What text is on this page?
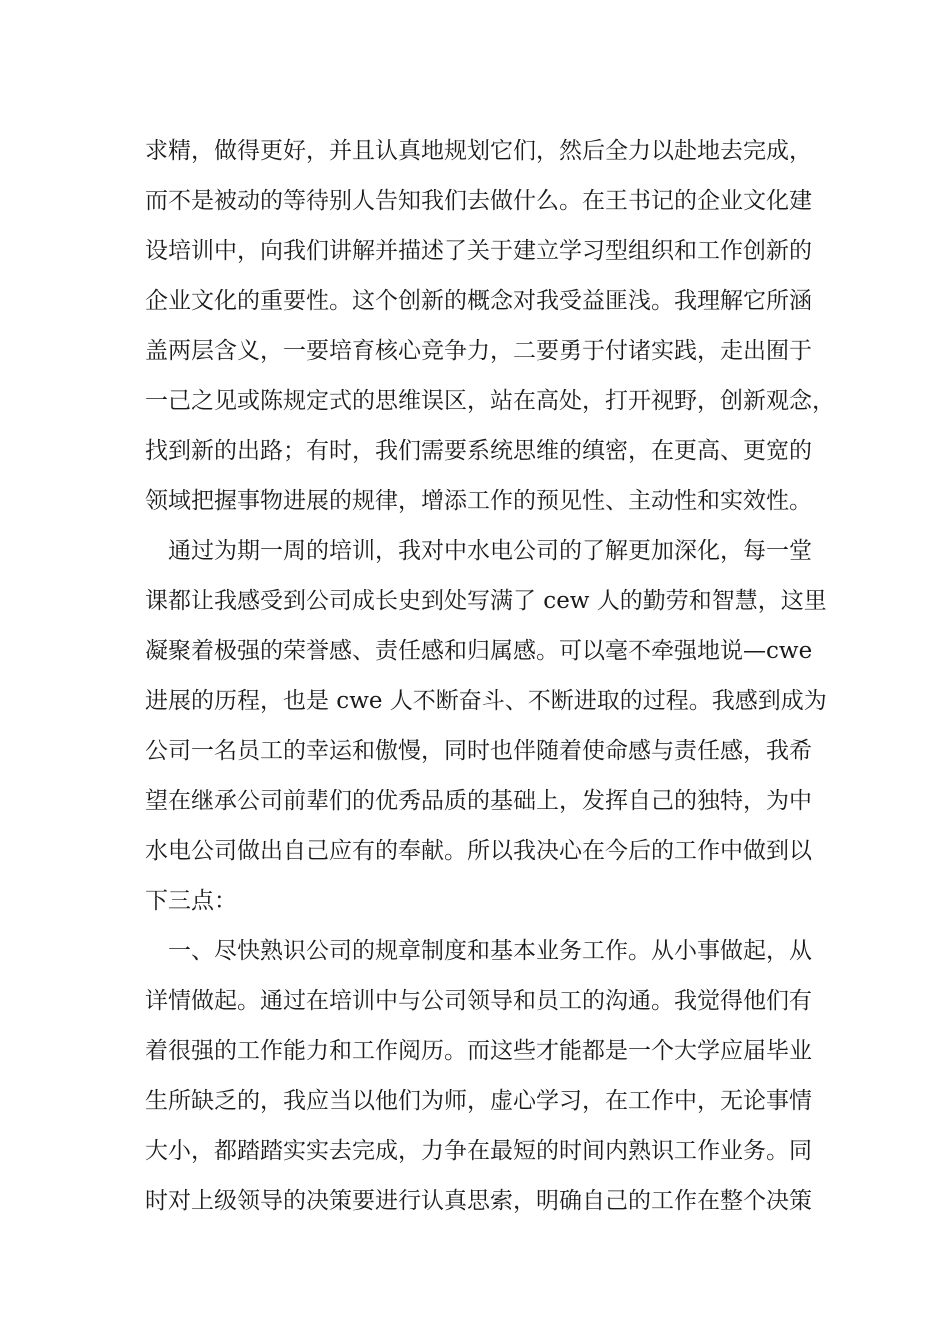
求精，做得更好，并且认真地规划它们，然后全力以赴地去完成，
而不是被动的等待别人告知我们去做什么。在王书记的企业文化建
设培训中，向我们讲解并描述了关于建立学习型组织和工作创新的
企业文化的重要性。这个创新的概念对我受益匪浅。我理解它所涵
盖两层含义，一要培育核心竞争力，二要勇于付诸实践，走出囿于
一己之见或陈规定式的思维误区，站在高处，打开视野，创新观念，
找到新的出路；有时，我们需要系统思维的缜密，在更高、更宽的
领域把握事物进展的规律，增添工作的预见性、主动性和实效性。
　通过为期一周的培训，我对中水电公司的了解更加深化，每一堂
课都让我感受到公司成长史到处写满了 cew 人的勤劳和智慧，这里
凝聚着极强的荣誉感、责任感和归属感。可以毫不牵强地说—cwe
进展的历程，也是 cwe 人不断奋斗、不断进取的过程。我感到成为
公司一名员工的幸运和傲慢，同时也伴随着使命感与责任感，我希
望在继承公司前辈们的优秀品质的基础上，发挥自己的独特，为中
水电公司做出自己应有的奉献。所以我决心在今后的工作中做到以
下三点：
　一、尽快熟识公司的规章制度和基本业务工作。从小事做起，从
详情做起。通过在培训中与公司领导和员工的沟通。我觉得他们有
着很强的工作能力和工作阅历。而这些才能都是一个大学应届毕业
生所缺乏的，我应当以他们为师，虚心学习，在工作中，无论事情
大小，都踏踏实实去完成，力争在最短的时间内熟识工作业务。同
时对上级领导的决策要进行认真思索，明确自己的工作在整个决策
